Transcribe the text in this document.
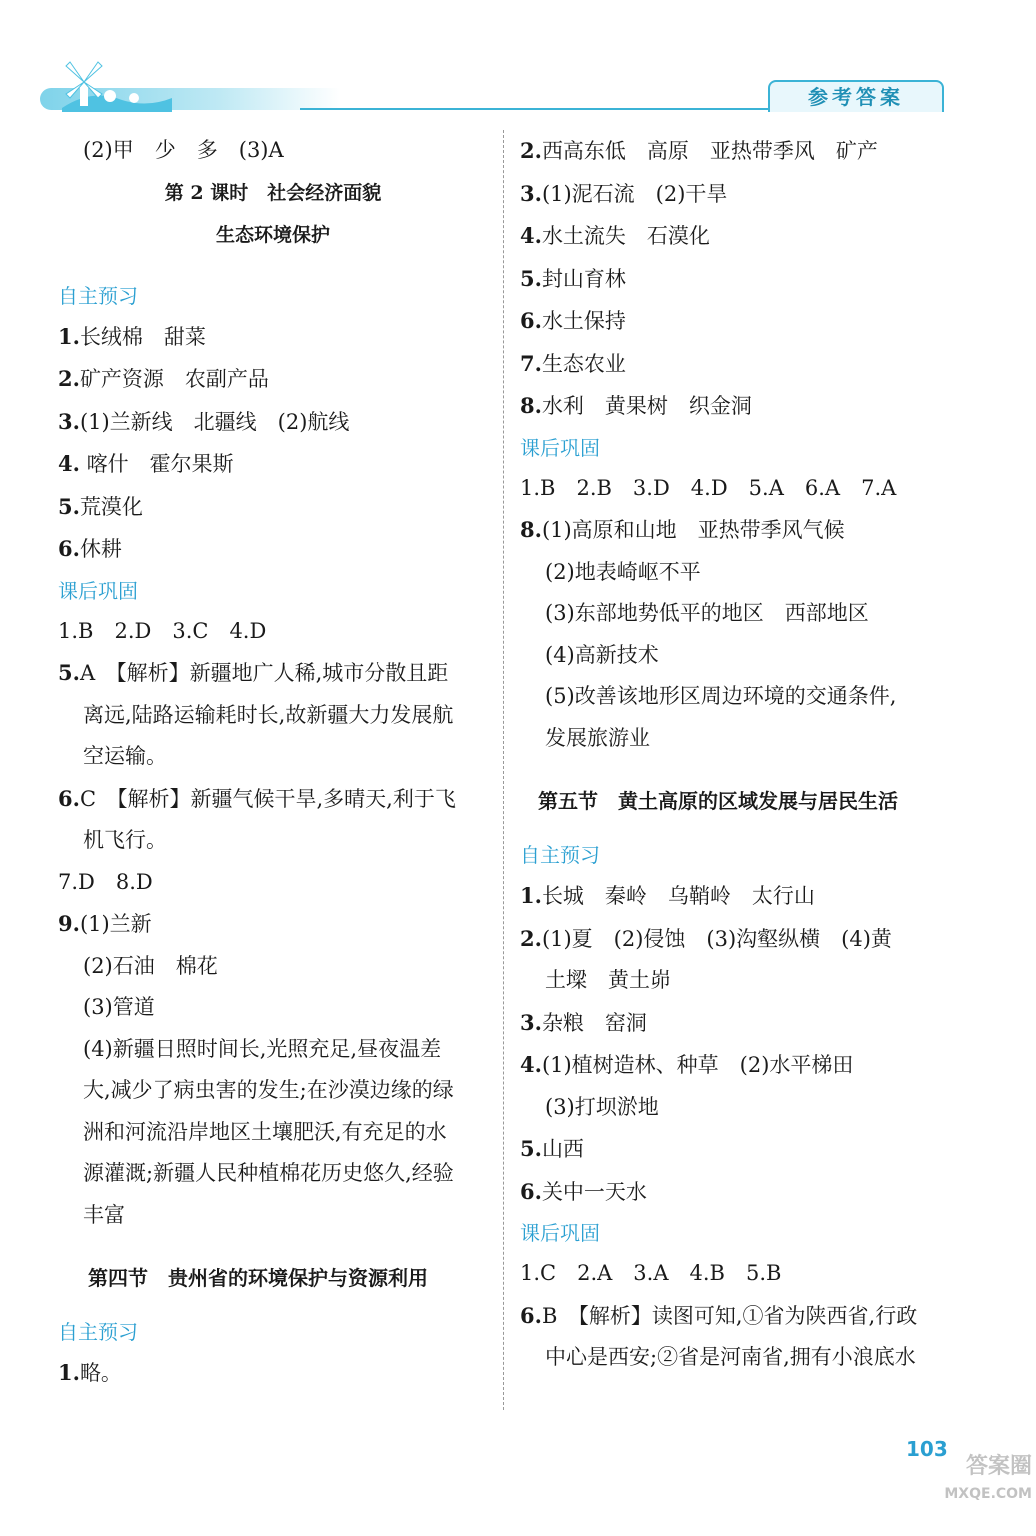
参考答案
(2)甲　少　多　(3)A
第 2 课时　社会经济面貌
生态环境保护
自主预习
1.长绒棉　甜菜
2.矿产资源　农副产品
3.(1)兰新线　北疆线　(2)航线
4. 喀什　霍尔果斯
5.荒漠化
6.休耕
课后巩固
1.B　2.D　3.C　4.D
5.A　【解析】新疆地广人稀,城市分散且距
离远,陆路运输耗时长,故新疆大力发展航
空运输。
6.C　【解析】新疆气候干旱,多晴天,利于飞
机飞行。
7.D　8.D
9.(1)兰新
(2)石油　棉花
(3)管道
(4)新疆日照时间长,光照充足,昼夜温差
大,减少了病虫害的发生;在沙漠边缘的绿
洲和河流沿岸地区土壤肥沃,有充足的水
源灌溉;新疆人民种植棉花历史悠久,经验
丰富
第四节　贵州省的环境保护与资源利用
自主预习
1.略。
2.西高东低　高原　亚热带季风　矿产
3.(1)泥石流　(2)干旱
4.水土流失　石漠化
5.封山育林
6.水土保持
7.生态农业
8.水利　黄果树　织金洞
课后巩固
1.B　2.B　3.D　4.D　5.A　6.A　7.A
8.(1)高原和山地　亚热带季风气候
(2)地表崎岖不平
(3)东部地势低平的地区　西部地区
(4)高新技术
(5)改善该地形区周边环境的交通条件,
发展旅游业
第五节　黄土高原的区域发展与居民生活
自主预习
1.长城　秦岭　乌鞘岭　太行山
2.(1)夏　(2)侵蚀　(3)沟壑纵横　(4)黄
土墚　黄土峁
3.杂粮　窑洞
4.(1)植树造林、种草　(2)水平梯田
(3)打坝淤地
5.山西
6.关中一天水
课后巩固
1.C　2.A　3.A　4.B　5.B
6.B　【解析】读图可知,①省为陕西省,行政
中心是西安;②省是河南省,拥有小浪底水
103
答案圈
MXQE.COM
